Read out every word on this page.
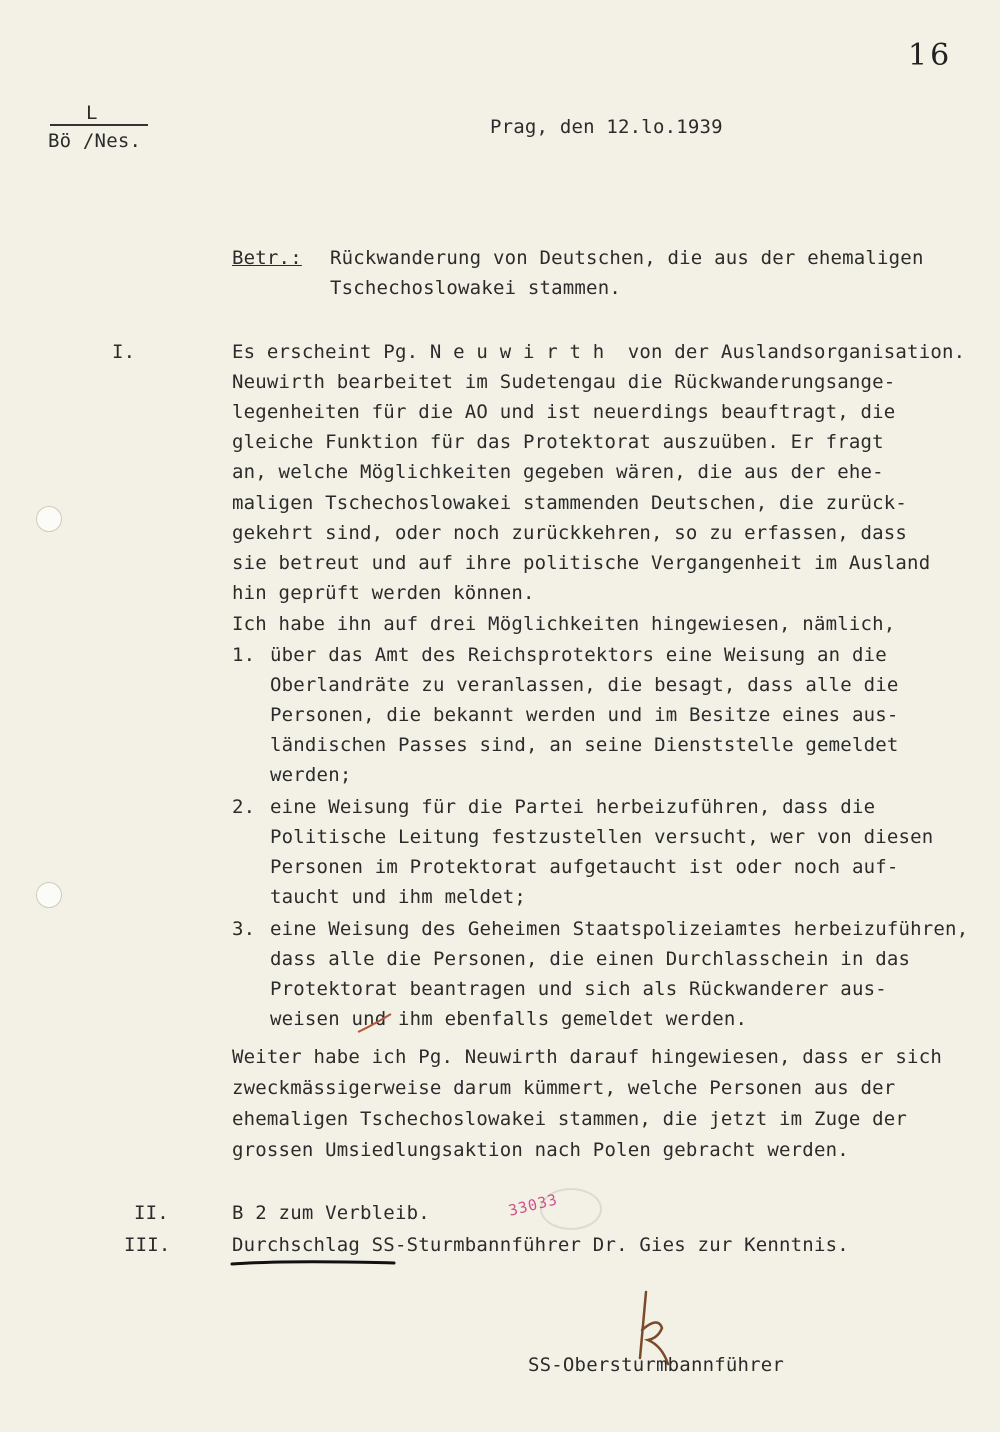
16
L
Bö /Nes.
Prag, den 12.lo.1939
Betr.: Rückwanderung von Deutschen, die aus der ehemaligen
Tschechoslowakei stammen.
I.	Es erscheint Pg. N e u w i r t h  von der Auslandsorganisation.
Neuwirth bearbeitet im Sudetengau die Rückwanderungsange-
legenheiten für die AO und ist neuerdings beauftragt, die
gleiche Funktion für das Protektorat auszuüben. Er fragt
an, welche Möglichkeiten gegeben wären, die aus der ehe-
maligen Tschechoslowakei stammenden Deutschen, die zurück-
gekehrt sind, oder noch zurückkehren, so zu erfassen, dass
sie betreut und auf ihre politische Vergangenheit im Ausland
hin geprüft werden können.
Ich habe ihn auf drei Möglichkeiten hingewiesen, nämlich,
1. über das Amt des Reichsprotektors eine Weisung an die
Oberlandräte zu veranlassen, die besagt, dass alle die
Personen, die bekannt werden und im Besitze eines aus-
ländischen Passes sind, an seine Dienststelle gemeldet
werden;
2. eine Weisung für die Partei herbeizuführen, dass die
Politische Leitung festzustellen versucht, wer von diesen
Personen im Protektorat aufgetaucht ist oder noch auf-
taucht und ihm meldet;
3. eine Weisung des Geheimen Staatspolizeiamtes herbeizuführen,
dass alle die Personen, die einen Durchlasschein in das
Protektorat beantragen und sich als Rückwanderer aus-
weisen und ihm ebenfalls gemeldet werden.
Weiter habe ich Pg. Neuwirth darauf hingewiesen, dass er sich
zweckmässigerweise darum kümmert, welche Personen aus der
ehemaligen Tschechoslowakei stammen, die jetzt im Zuge der
grossen Umsiedlungsaktion nach Polen gebracht werden.
II.	B 2 zum Verbleib.	33033
III.	Durchschlag SS-Sturmbannführer Dr. Gies zur Kenntnis.
SS-Obersturmbannführer
